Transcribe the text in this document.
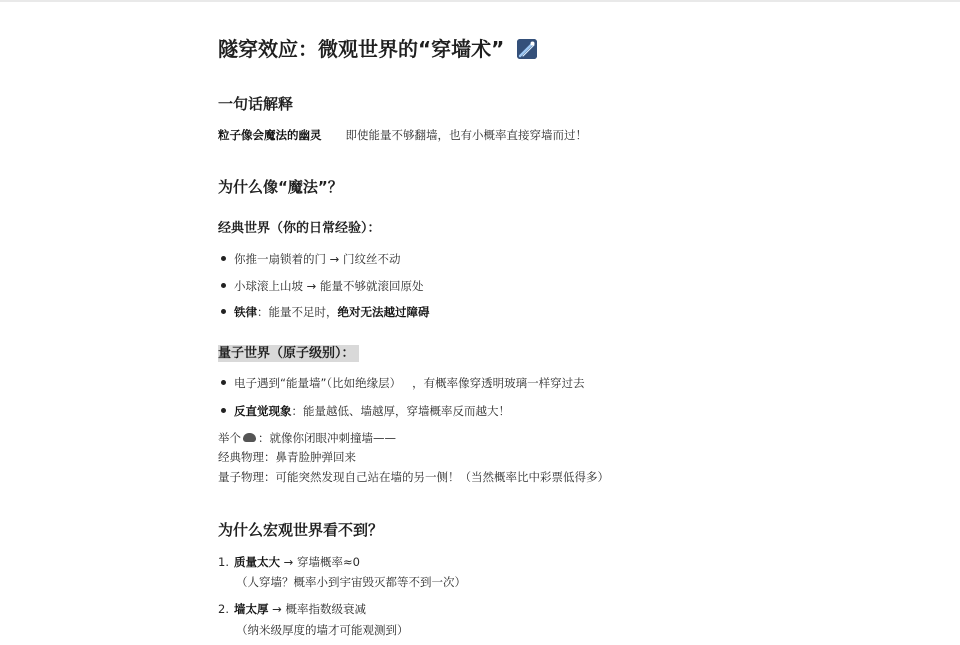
隧穿效应：微观世界的“穿墙术”
一句话解释
粒子像会魔法的幽灵 即使能量不够翻墙，也有小概率直接穿墙而过！
为什么像“魔法”？
经典世界（你的日常经验）：
你推一扇锁着的门 → 门纹丝不动
小球滚上山坡 → 能量不够就滚回原处
铁律：能量不足时，绝对无法越过障碍
量子世界（原子级别）：
电子遇到“能量墙”（比如绝缘层）   ，有概率像穿透明玻璃一样穿过去
反直觉现象：能量越低、墙越厚，穿墙概率反而越大！
举个 ：就像你闭眼冲刺撞墙——
经典物理：鼻青脸肿弹回来
量子物理：可能突然发现自己站在墙的另一侧！（当然概率比中彩票低得多）
为什么宏观世界看不到？
1. 质量太大 → 穿墙概率≈0
（人穿墙？概率小到宇宙毁灭都等不到一次）
2. 墙太厚 → 概率指数级衰减
（纳米级厚度的墙才可能观测到）
